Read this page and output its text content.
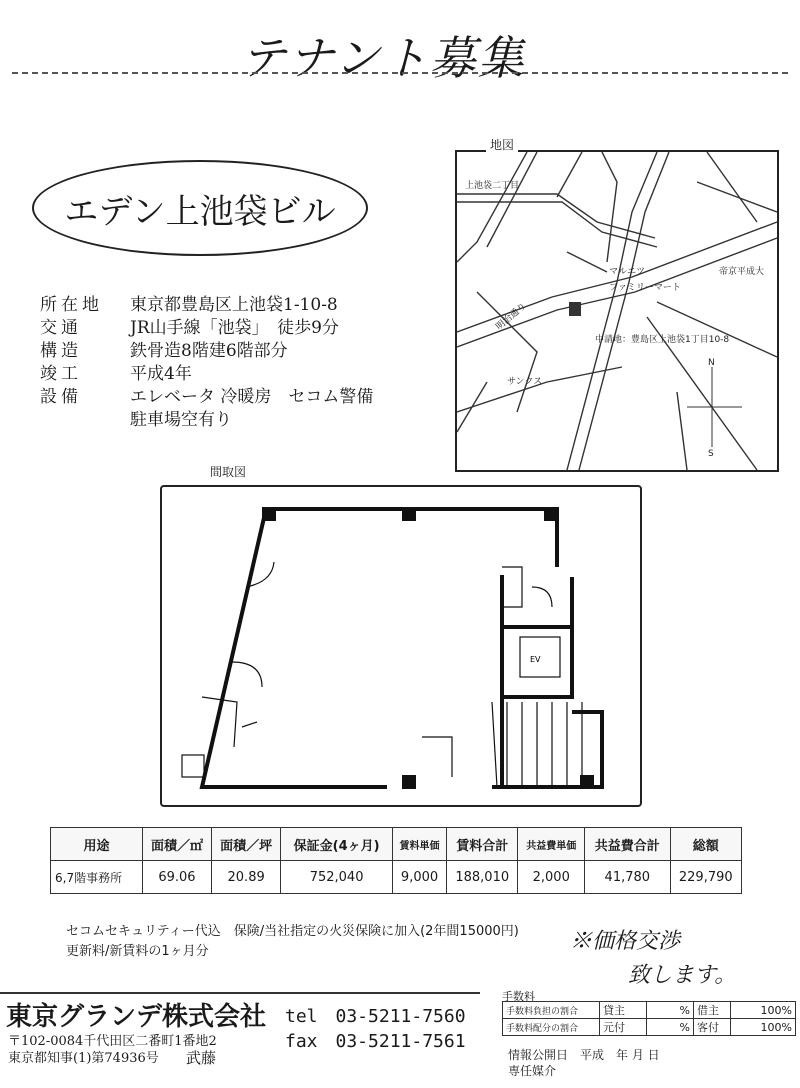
テナント募集
エデン上池袋ビル
所在地	東京都豊島区上池袋1-10-8
交通	JR山手線「池袋」　徒歩9分
構造	鉄骨造8階建6階部分
竣工	平成4年
設備	エレベータ 冷暖房　セコム警備
駐車場空有り
上池袋二丁目
明治通り
マルエツ
ファミリーマート
中請地：豊島区上池袋1丁目10-8
サンクス
帝京平成大
N
S
地図
間取図
EV
用途	面積／㎡	面積／坪	保証金(4ヶ月)	賃料単価	賃料合計	共益費単価	共益費合計	総額
6,7階事務所	69.06	20.89	752,040	9,000	188,010	2,000	41,780	229,790
セコムセキュリティー代込　保険/当社指定の火災保険に加入(2年間15000円)
更新料/新賃料の1ヶ月分	※価格交渉
致します。
東京グランデ株式会社
〒102-0084千代田区二番町1番地2
東京都知事(1)第74936号 武藤
tel　03-5211-7560
fax　03-5211-7561
手数料
手数料負担の割合	貸主	%	借主	100%
手数料配分の割合	元付	%	客付	100%
情報公開日　平成　年 月 日
専任媒介
